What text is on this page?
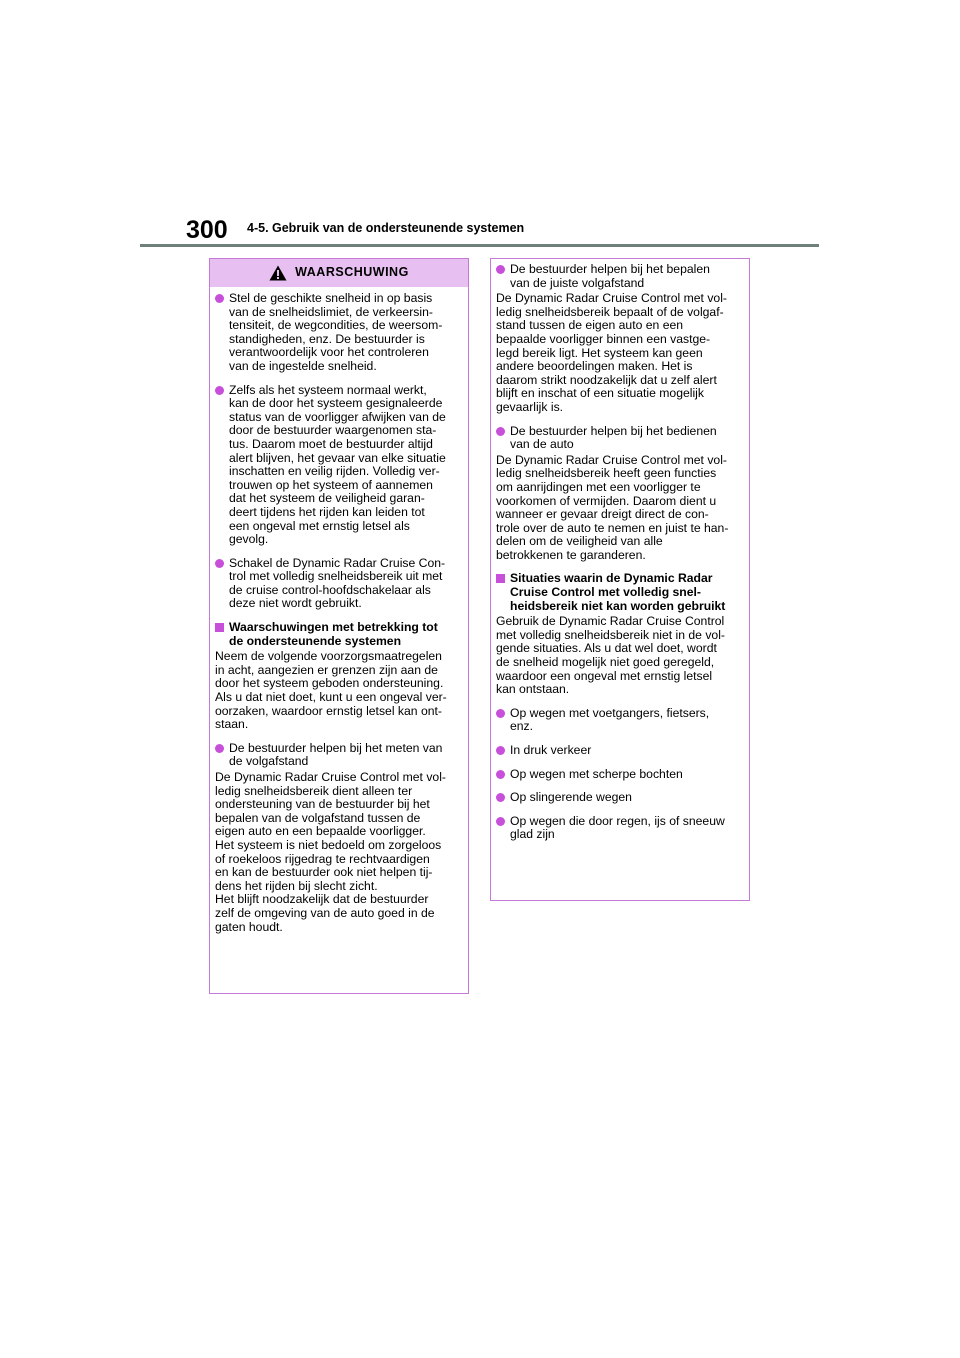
300 4-5. Gebruik van de ondersteunende systemen
WAARSCHUWING
Stel de geschikte snelheid in op basis
van de snelheidslimiet, de verkeersin-
tensiteit, de wegcondities, de weersom-
standigheden, enz. De bestuurder is
verantwoordelijk voor het controleren
van de ingestelde snelheid.
Zelfs als het systeem normaal werkt,
kan de door het systeem gesignaleerde
status van de voorligger afwijken van de
door de bestuurder waargenomen sta-
tus. Daarom moet de bestuurder altijd
alert blijven, het gevaar van elke situatie
inschatten en veilig rijden. Volledig ver-
trouwen op het systeem of aannemen
dat het systeem de veiligheid garan-
deert tijdens het rijden kan leiden tot
een ongeval met ernstig letsel als
gevolg.
Schakel de Dynamic Radar Cruise Con-
trol met volledig snelheidsbereik uit met
de cruise control-hoofdschakelaar als
deze niet wordt gebruikt.
Waarschuwingen met betrekking tot
de ondersteunende systemen
Neem de volgende voorzorgsmaatregelen
in acht, aangezien er grenzen zijn aan de
door het systeem geboden ondersteuning.
Als u dat niet doet, kunt u een ongeval ver-
oorzaken, waardoor ernstig letsel kan ont-
staan.
De bestuurder helpen bij het meten van
de volgafstand
De Dynamic Radar Cruise Control met vol-
ledig snelheidsbereik dient alleen ter
ondersteuning van de bestuurder bij het
bepalen van de volgafstand tussen de
eigen auto en een bepaalde voorligger.
Het systeem is niet bedoeld om zorgeloos
of roekeloos rijgedrag te rechtvaardigen
en kan de bestuurder ook niet helpen tij-
dens het rijden bij slecht zicht.
Het blijft noodzakelijk dat de bestuurder
zelf de omgeving van de auto goed in de
gaten houdt.
De bestuurder helpen bij het bepalen
van de juiste volgafstand
De Dynamic Radar Cruise Control met vol-
ledig snelheidsbereik bepaalt of de volgaf-
stand tussen de eigen auto en een
bepaalde voorligger binnen een vastge-
legd bereik ligt. Het systeem kan geen
andere beoordelingen maken. Het is
daarom strikt noodzakelijk dat u zelf alert
blijft en inschat of een situatie mogelijk
gevaarlijk is.
De bestuurder helpen bij het bedienen
van de auto
De Dynamic Radar Cruise Control met vol-
ledig snelheidsbereik heeft geen functies
om aanrijdingen met een voorligger te
voorkomen of vermijden. Daarom dient u
wanneer er gevaar dreigt direct de con-
trole over de auto te nemen en juist te han-
delen om de veiligheid van alle
betrokkenen te garanderen.
Situaties waarin de Dynamic Radar
Cruise Control met volledig snel-
heidsbereik niet kan worden gebruikt
Gebruik de Dynamic Radar Cruise Control
met volledig snelheidsbereik niet in de vol-
gende situaties. Als u dat wel doet, wordt
de snelheid mogelijk niet goed geregeld,
waardoor een ongeval met ernstig letsel
kan ontstaan.
Op wegen met voetgangers, fietsers,
enz.
In druk verkeer
Op wegen met scherpe bochten
Op slingerende wegen
Op wegen die door regen, ijs of sneeuw
glad zijn
